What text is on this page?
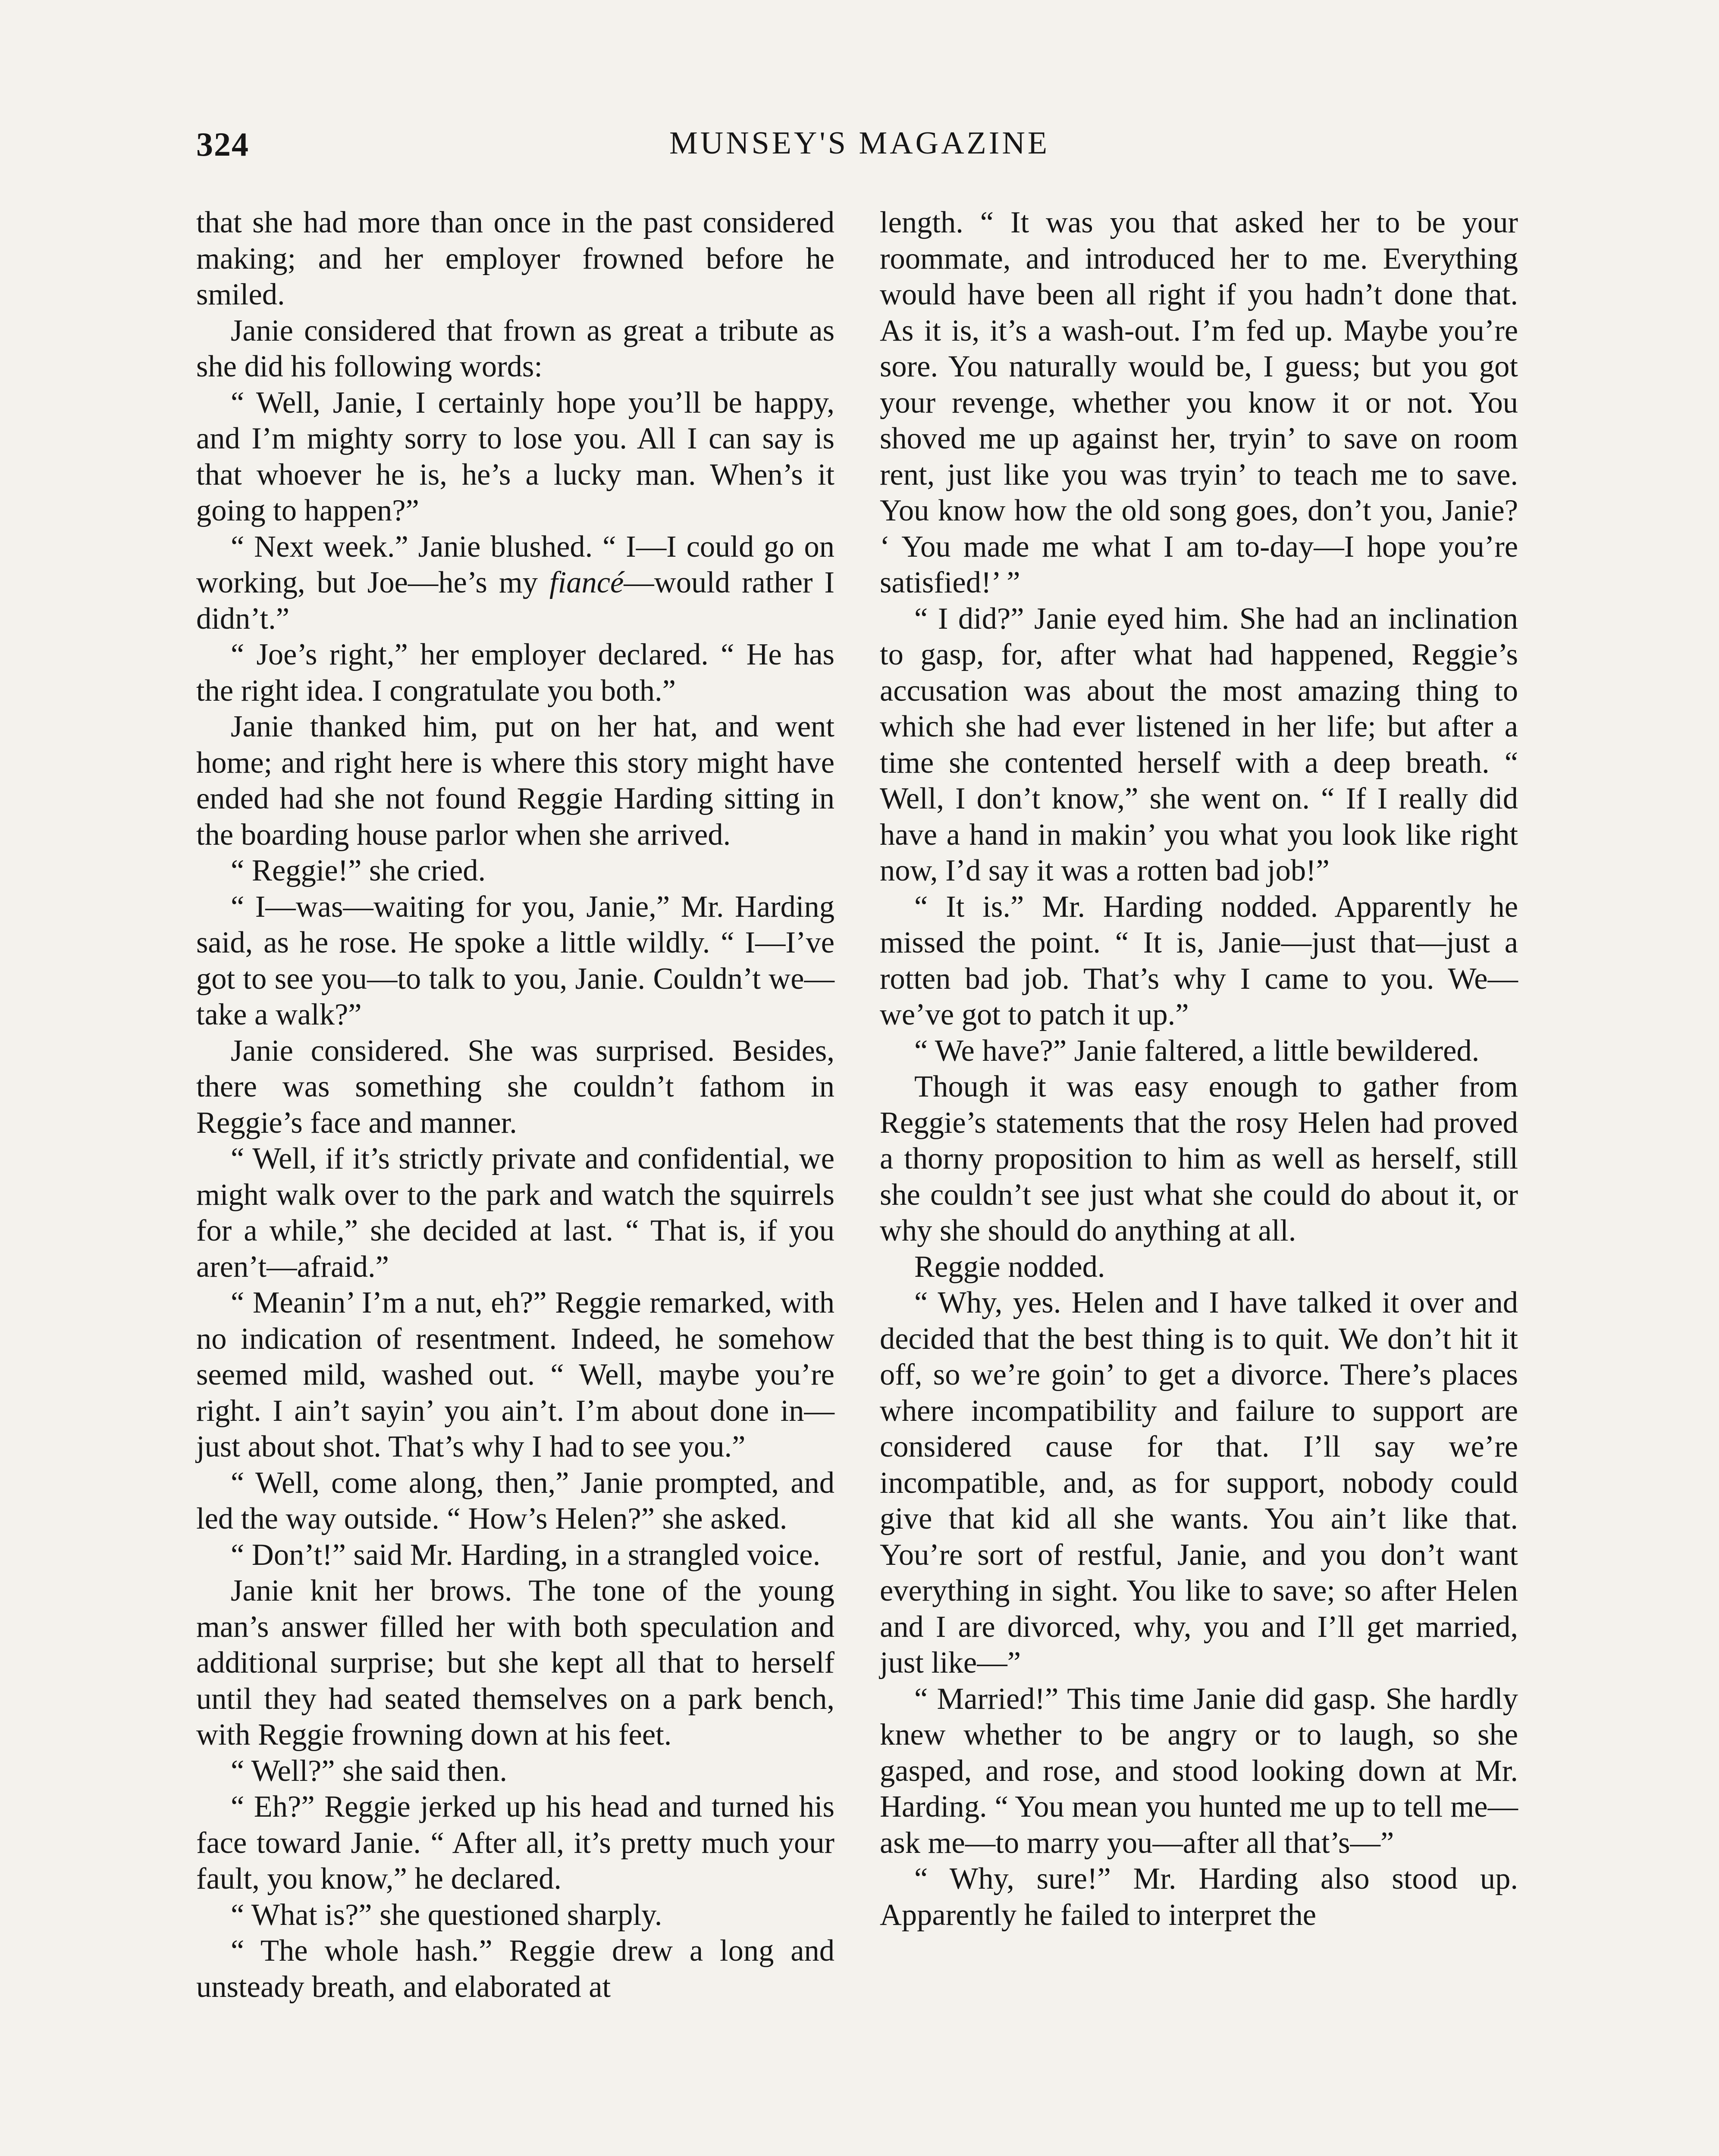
324	MUNSEY'S MAGAZINE

that she had more than once in the past considered making; and her employer frowned before he smiled.

Janie considered that frown as great a tribute as she did his following words:

“ Well, Janie, I certainly hope you’ll be happy, and I’m mighty sorry to lose you. All I can say is that whoever he is, he’s a lucky man. When’s it going to happen?”

“ Next week.” Janie blushed. “ I—I could go on working, but Joe—he’s my fiancé—would rather I didn’t.”

“ Joe’s right,” her employer declared. “ He has the right idea. I congratulate you both.”

Janie thanked him, put on her hat, and went home; and right here is where this story might have ended had she not found Reggie Harding sitting in the boarding house parlor when she arrived.

“ Reggie!” she cried.

“ I—was—waiting for you, Janie,” Mr. Harding said, as he rose. He spoke a little wildly. “ I—I’ve got to see you—to talk to you, Janie. Couldn’t we—take a walk?”

Janie considered. She was surprised. Besides, there was something she couldn’t fathom in Reggie’s face and manner.

“ Well, if it’s strictly private and confidential, we might walk over to the park and watch the squirrels for a while,” she decided at last. “ That is, if you aren’t—afraid.”

“ Meanin’ I’m a nut, eh?” Reggie remarked, with no indication of resentment. Indeed, he somehow seemed mild, washed out. “ Well, maybe you’re right. I ain’t sayin’ you ain’t. I’m about done in—just about shot. That’s why I had to see you.”

“ Well, come along, then,” Janie prompted, and led the way outside. “ How’s Helen?” she asked.

“ Don’t!” said Mr. Harding, in a strangled voice.

Janie knit her brows. The tone of the young man’s answer filled her with both speculation and additional surprise; but she kept all that to herself until they had seated themselves on a park bench, with Reggie frowning down at his feet.

“ Well?” she said then.

“ Eh?” Reggie jerked up his head and turned his face toward Janie. “ After all, it’s pretty much your fault, you know,” he declared.

“ What is?” she questioned sharply.

“ The whole hash.” Reggie drew a long and unsteady breath, and elaborated at

length. “ It was you that asked her to be your roommate, and introduced her to me. Everything would have been all right if you hadn’t done that. As it is, it’s a wash-out. I’m fed up. Maybe you’re sore. You naturally would be, I guess; but you got your revenge, whether you know it or not. You shoved me up against her, tryin’ to save on room rent, just like you was tryin’ to teach me to save. You know how the old song goes, don’t you, Janie? ‘ You made me what I am to-day—I hope you’re satisfied!’ ”

“ I did?” Janie eyed him. She had an inclination to gasp, for, after what had happened, Reggie’s accusation was about the most amazing thing to which she had ever listened in her life; but after a time she contented herself with a deep breath. “ Well, I don’t know,” she went on. “ If I really did have a hand in makin’ you what you look like right now, I’d say it was a rotten bad job!”

“ It is.” Mr. Harding nodded. Apparently he missed the point. “ It is, Janie—just that—just a rotten bad job. That’s why I came to you. We—we’ve got to patch it up.”

“ We have?” Janie faltered, a little bewildered.

Though it was easy enough to gather from Reggie’s statements that the rosy Helen had proved a thorny proposition to him as well as herself, still she couldn’t see just what she could do about it, or why she should do anything at all.

Reggie nodded.

“ Why, yes. Helen and I have talked it over and decided that the best thing is to quit. We don’t hit it off, so we’re goin’ to get a divorce. There’s places where incompatibility and failure to support are considered cause for that. I’ll say we’re incompatible, and, as for support, nobody could give that kid all she wants. You ain’t like that. You’re sort of restful, Janie, and you don’t want everything in sight. You like to save; so after Helen and I are divorced, why, you and I’ll get married, just like—”

“ Married!” This time Janie did gasp. She hardly knew whether to be angry or to laugh, so she gasped, and rose, and stood looking down at Mr. Harding. “ You mean you hunted me up to tell me—ask me—to marry you—after all that’s—”

“ Why, sure!” Mr. Harding also stood up. Apparently he failed to interpret the
